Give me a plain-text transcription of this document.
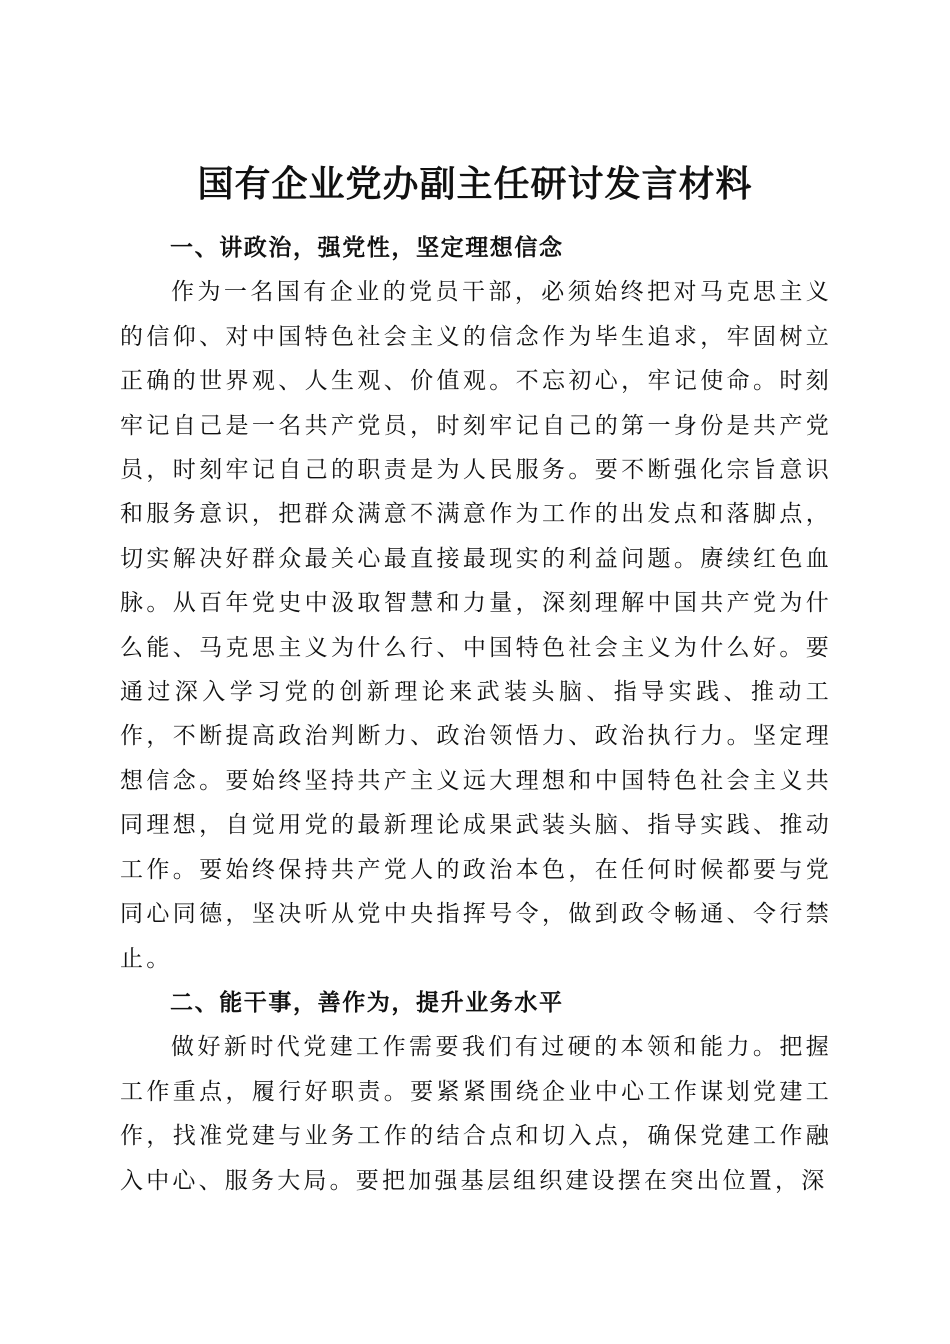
国有企业党办副主任研讨发言材料

一、讲政治，强党性，坚定理想信念

作为一名国有企业的党员干部，必须始终把对马克思主义的信仰、对中国特色社会主义的信念作为毕生追求，牢固树立正确的世界观、人生观、价值观。不忘初心，牢记使命。时刻牢记自己是一名共产党员，时刻牢记自己的第一身份是共产党员，时刻牢记自己的职责是为人民服务。要不断强化宗旨意识和服务意识，把群众满意不满意作为工作的出发点和落脚点，切实解决好群众最关心最直接最现实的利益问题。赓续红色血脉。从百年党史中汲取智慧和力量，深刻理解中国共产党为什么能、马克思主义为什么行、中国特色社会主义为什么好。要通过深入学习党的创新理论来武装头脑、指导实践、推动工作，不断提高政治判断力、政治领悟力、政治执行力。坚定理想信念。要始终坚持共产主义远大理想和中国特色社会主义共同理想，自觉用党的最新理论成果武装头脑、指导实践、推动工作。要始终保持共产党人的政治本色，在任何时候都要与党同心同德，坚决听从党中央指挥号令，做到政令畅通、令行禁止。

二、能干事，善作为，提升业务水平

做好新时代党建工作需要我们有过硬的本领和能力。把握工作重点，履行好职责。要紧紧围绕企业中心工作谋划党建工作，找准党建与业务工作的结合点和切入点，确保党建工作融入中心、服务大局。要把加强基层组织建设摆在突出位置，深
